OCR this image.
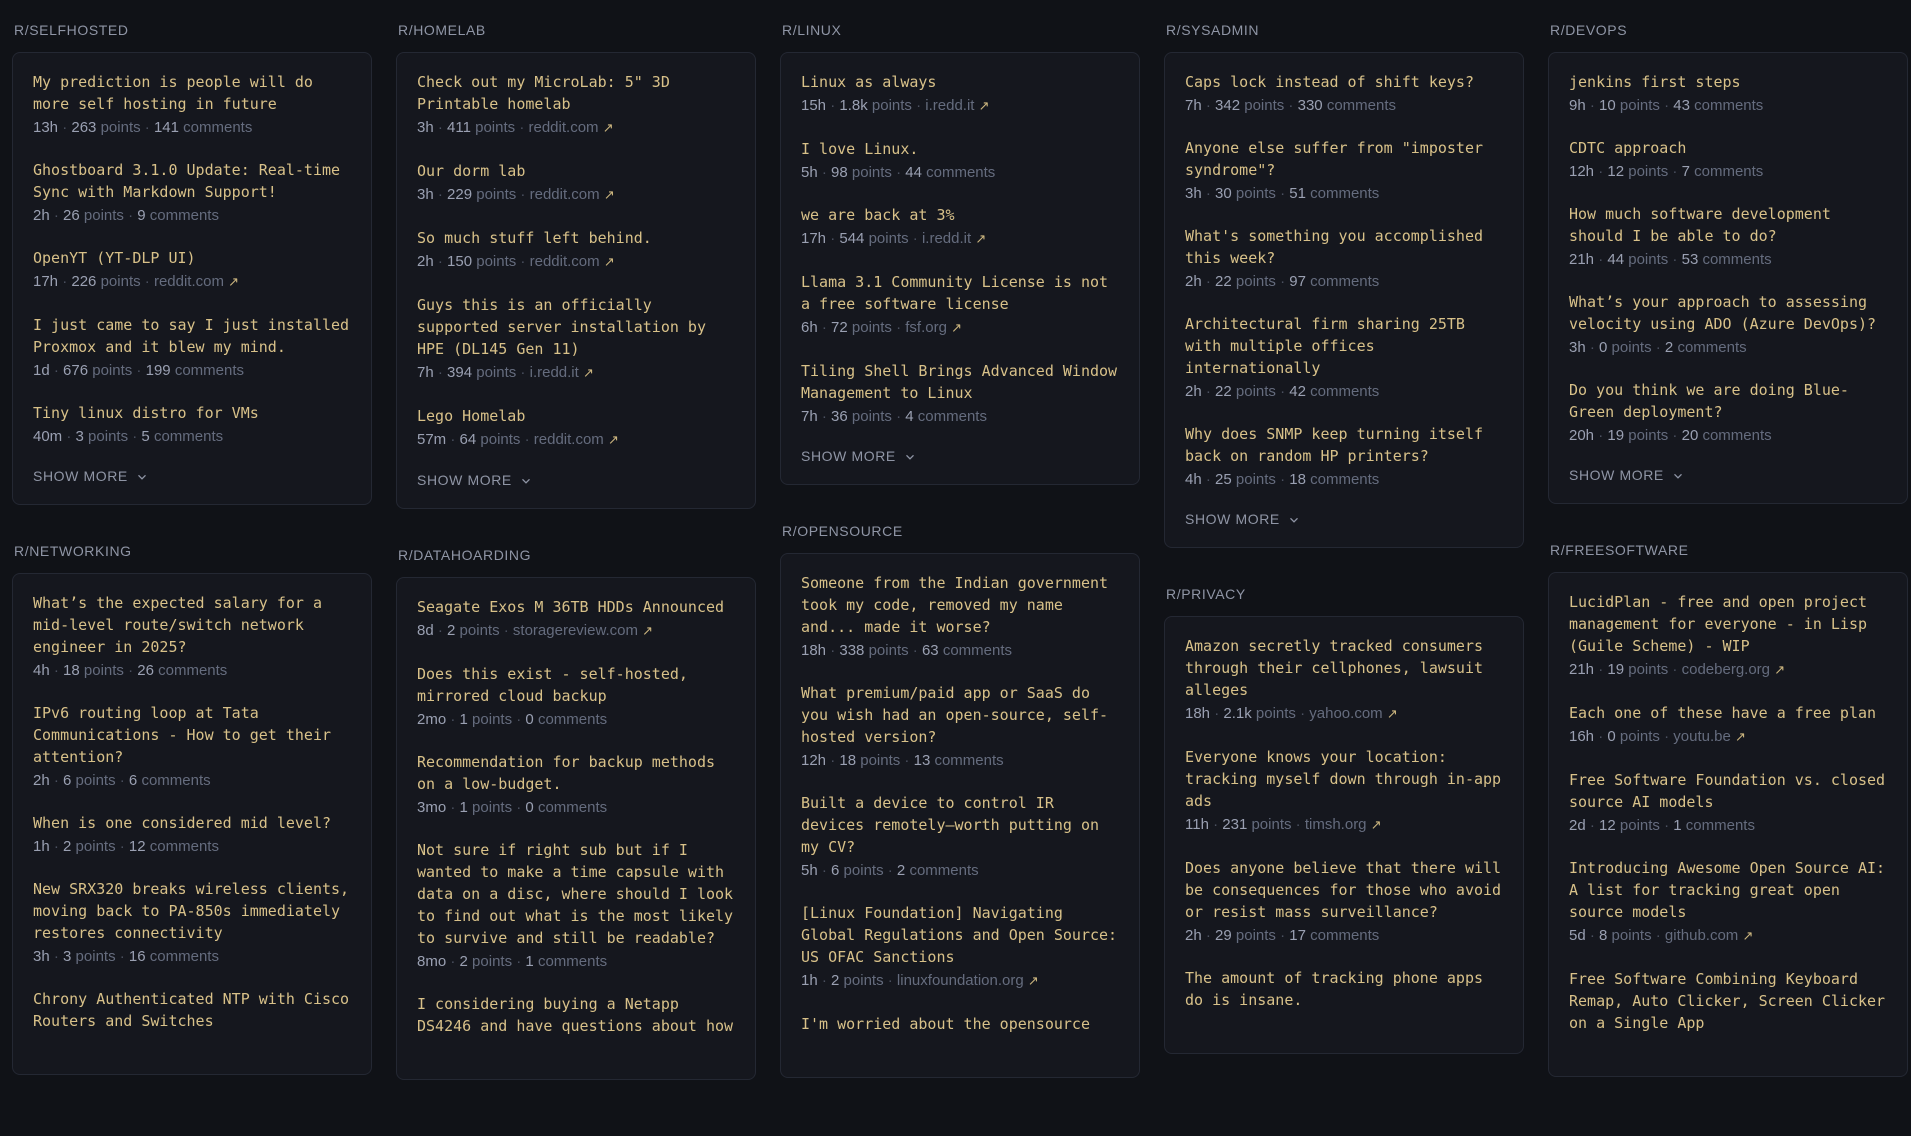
R/SELFHOSTED
My prediction is people will do more self hosting in future
13h · 263 points · 141 comments
Ghostboard 3.1.0 Update: Real-time Sync with Markdown Support!
2h · 26 points · 9 comments
OpenYT (YT-DLP UI)
17h · 226 points · reddit.com ↗
I just came to say I just installed Proxmox and it blew my mind.
1d · 676 points · 199 comments
Tiny linux distro for VMs
40m · 3 points · 5 comments
SHOW MORE
R/NETWORKING
What’s the expected salary for a mid-level route/switch network engineer in 2025?
4h · 18 points · 26 comments
IPv6 routing loop at Tata Communications - How to get their attention?
2h · 6 points · 6 comments
When is one considered mid level?
1h · 2 points · 12 comments
New SRX320 breaks wireless clients, moving back to PA-850s immediately restores connectivity
3h · 3 points · 16 comments
Chrony Authenticated NTP with Cisco Routers and Switches
R/HOMELAB
Check out my MicroLab: 5" 3D Printable homelab
3h · 411 points · reddit.com ↗
Our dorm lab
3h · 229 points · reddit.com ↗
So much stuff left behind.
2h · 150 points · reddit.com ↗
Guys this is an officially supported server installation by HPE (DL145 Gen 11)
7h · 394 points · i.redd.it ↗
Lego Homelab
57m · 64 points · reddit.com ↗
SHOW MORE
R/DATAHOARDING
Seagate Exos M 36TB HDDs Announced
8d · 2 points · storagereview.com ↗
Does this exist - self-hosted, mirrored cloud backup
2mo · 1 points · 0 comments
Recommendation for backup methods on a low-budget.
3mo · 1 points · 0 comments
Not sure if right sub but if I wanted to make a time capsule with data on a disc, where should I look to find out what is the most likely to survive and still be readable?
8mo · 2 points · 1 comments
I considering buying a Netapp DS4246 and have questions about how
R/LINUX
Linux as always
15h · 1.8k points · i.redd.it ↗
I love Linux.
5h · 98 points · 44 comments
we are back at 3%
17h · 544 points · i.redd.it ↗
Llama 3.1 Community License is not a free software license
6h · 72 points · fsf.org ↗
Tiling Shell Brings Advanced Window Management to Linux
7h · 36 points · 4 comments
SHOW MORE
R/OPENSOURCE
Someone from the Indian government took my code, removed my name and... made it worse?
18h · 338 points · 63 comments
What premium/paid app or SaaS do you wish had an open-source, self-hosted version?
12h · 18 points · 13 comments
Built a device to control IR devices remotely—worth putting on my CV?
5h · 6 points · 2 comments
[Linux Foundation] Navigating Global Regulations and Open Source: US OFAC Sanctions
1h · 2 points · linuxfoundation.org ↗
I'm worried about the opensource
R/SYSADMIN
Caps lock instead of shift keys?
7h · 342 points · 330 comments
Anyone else suffer from "imposter syndrome"?
3h · 30 points · 51 comments
What's something you accomplished this week?
2h · 22 points · 97 comments
Architectural firm sharing 25TB with multiple offices internationally
2h · 22 points · 42 comments
Why does SNMP keep turning itself back on random HP printers?
4h · 25 points · 18 comments
SHOW MORE
R/PRIVACY
Amazon secretly tracked consumers through their cellphones, lawsuit alleges
18h · 2.1k points · yahoo.com ↗
Everyone knows your location: tracking myself down through in-app ads
11h · 231 points · timsh.org ↗
Does anyone believe that there will be consequences for those who avoid or resist mass surveillance?
2h · 29 points · 17 comments
The amount of tracking phone apps do is insane.
R/DEVOPS
jenkins first steps
9h · 10 points · 43 comments
CDTC approach
12h · 12 points · 7 comments
How much software development should I be able to do?
21h · 44 points · 53 comments
What’s your approach to assessing velocity using ADO (Azure DevOps)?
3h · 0 points · 2 comments
Do you think we are doing Blue-Green deployment?
20h · 19 points · 20 comments
SHOW MORE
R/FREESOFTWARE
LucidPlan - free and open project management for everyone - in Lisp (Guile Scheme) - WIP
21h · 19 points · codeberg.org ↗
Each one of these have a free plan
16h · 0 points · youtu.be ↗
Free Software Foundation vs. closed source AI models
2d · 12 points · 1 comments
Introducing Awesome Open Source AI: A list for tracking great open source models
5d · 8 points · github.com ↗
Free Software Combining Keyboard Remap, Auto Clicker, Screen Clicker on a Single App
